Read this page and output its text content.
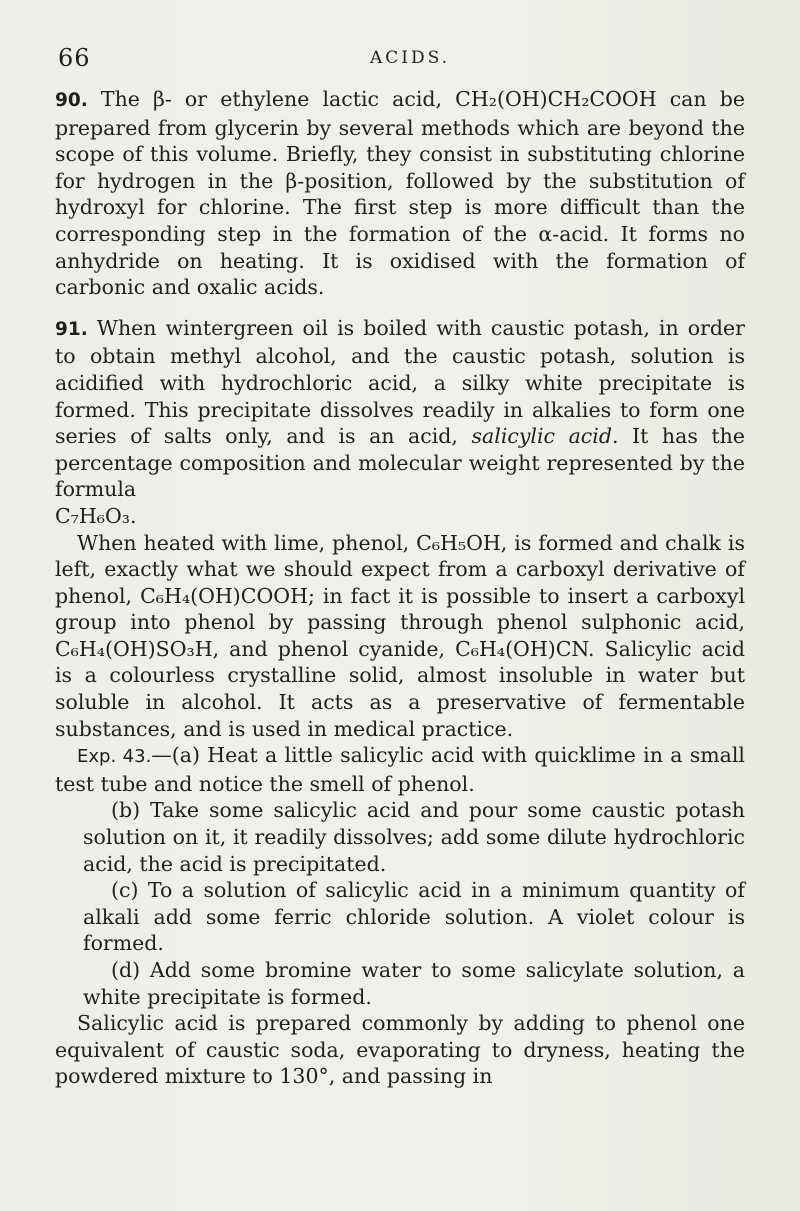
66	ACIDS.

90. The β- or ethylene lactic acid, CH₂(OH)CH₂COOH can be prepared from glycerin by several methods which are beyond the scope of this volume. Briefly, they consist in substituting chlorine for hydrogen in the β-position, followed by the substitution of hydroxyl for chlorine. The first step is more difficult than the corresponding step in the formation of the α-acid. It forms no anhydride on heating. It is oxidised with the formation of carbonic and oxalic acids.

91. When wintergreen oil is boiled with caustic potash, in order to obtain methyl alcohol, and the caustic potash, solution is acidified with hydrochloric acid, a silky white precipitate is formed. This precipitate dissolves readily in alkalies to form one series of salts only, and is an acid, salicylic acid. It has the percentage composition and molecular weight represented by the formula

C₇H₆O₃.

When heated with lime, phenol, C₆H₅OH, is formed and chalk is left, exactly what we should expect from a carboxyl derivative of phenol, C₆H₄(OH)COOH; in fact it is possible to insert a carboxyl group into phenol by passing through phenol sulphonic acid, C₆H₄(OH)SO₃H, and phenol cyanide, C₆H₄(OH)CN. Salicylic acid is a colourless crystalline solid, almost insoluble in water but soluble in alcohol. It acts as a preservative of fermentable substances, and is used in medical practice.

Exp. 43.—(a) Heat a little salicylic acid with quicklime in a small test tube and notice the smell of phenol.

(b) Take some salicylic acid and pour some caustic potash solution on it, it readily dissolves; add some dilute hydrochloric acid, the acid is precipitated.

(c) To a solution of salicylic acid in a minimum quantity of alkali add some ferric chloride solution. A violet colour is formed.

(d) Add some bromine water to some salicylate solution, a white precipitate is formed.

Salicylic acid is prepared commonly by adding to phenol one equivalent of caustic soda, evaporating to dryness, heating the powdered mixture to 130°, and passing in
